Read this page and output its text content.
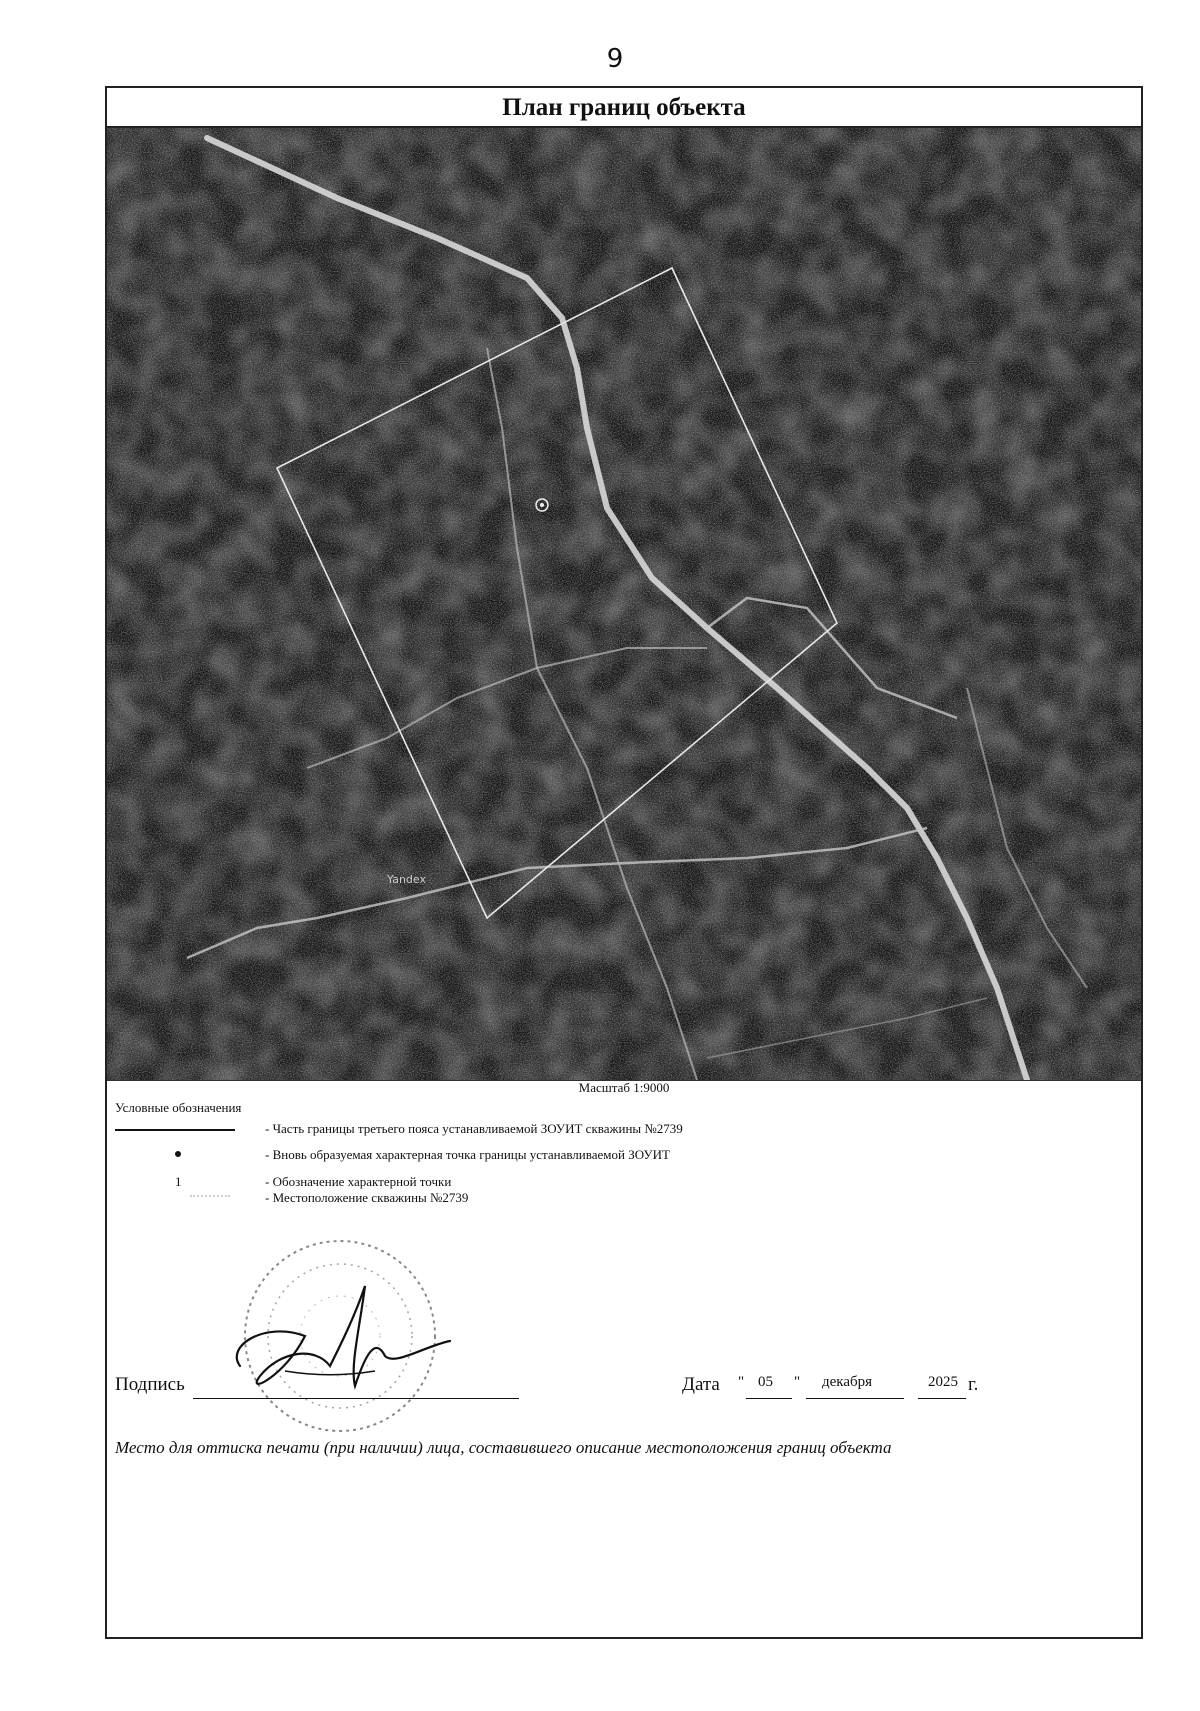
9
План границ объекта
Yandex
Масштаб 1:9000
Условные обозначения
- Часть границы третьего пояса устанавливаемой ЗОУИТ скважины №2739
- Вновь образуемая характерная точка границы устанавливаемой ЗОУИТ
1	- Обозначение характерной точки
- Местоположение скважины №2739
Подпись	Дата " 05 " декабря	2025 г.
Место для оттиска печати (при наличии) лица, составившего описание местоположения границ объекта
